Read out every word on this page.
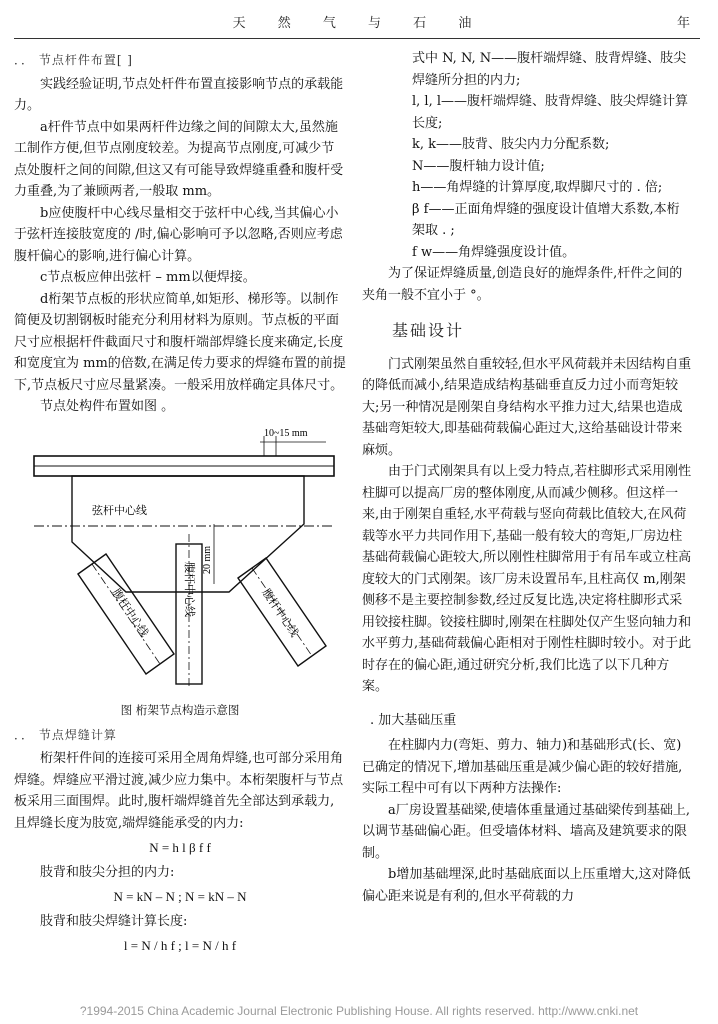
天 然 气 与 石 油	年

．． 节点杆件布置[ ]

实践经验证明,节点处杆件布置直接影响节点的承载能力。

a杆件节点中如果两杆件边缘之间的间隙太大,虽然施工制作方便,但节点刚度较差。为提高节点刚度,可减少节点处腹杆之间的间隙,但这又有可能导致焊缝重叠和腹杆受力重叠,为了兼顾两者,一般取 mm。

b应使腹杆中心线尽量相交于弦杆中心线,当其偏心小于弦杆连接肢宽度的 /时,偏心影响可予以忽略,否则应考虑腹杆偏心的影响,进行偏心计算。

c节点板应伸出弦杆 – mm以便焊接。

d桁架节点板的形状应简单,如矩形、梯形等。以制作简便及切割钢板时能充分利用材料为原则。节点板的平面尺寸应根据杆件截面尺寸和腹杆端部焊缝长度来确定,长度和宽度宜为 mm的倍数,在满足传力要求的焊缝布置的前提下,节点板尺寸应尽量紧凑。一般采用放样确定具体尺寸。

节点处构件布置如图 。

弦杆中心线
10~15 mm
20 mm
腹杆中心线	腹杆中心线	腹杆中心线
图 桁架节点构造示意图

．． 节点焊缝计算

桁架杆件间的连接可采用全周角焊缝,也可部分采用角焊缝。焊缝应平滑过渡,减少应力集中。本桁架腹杆与节点板采用三面围焊。此时,腹杆端焊缝首先全部达到承载力,且焊缝长度为肢宽,端焊缝能承受的内力:

N = h l β f f

肢背和肢尖分担的内力:

N = kN – N ; N = kN – N

肢背和肢尖焊缝计算长度:

l = N / h f ; l = N / h f

式中 N, N, N——腹杆端焊缝、肢背焊缝、肢尖焊缝所分担的内力;

l, l, l——腹杆端焊缝、肢背焊缝、肢尖焊缝计算长度;

k, k——肢背、肢尖内力分配系数;

N——腹杆轴力设计值;

h——角焊缝的计算厚度,取焊脚尺寸的 . 倍;

β f——正面角焊缝的强度设计值增大系数,本桁架取 . ;

f w——角焊缝强度设计值。

为了保证焊缝质量,创造良好的施焊条件,杆件之间的夹角一般不宜小于 °。

基础设计

门式刚架虽然自重较轻,但水平风荷载并未因结构自重的降低而减小,结果造成结构基础垂直反力过小而弯矩较大;另一种情况是刚架自身结构水平推力过大,结果也造成基础弯矩较大,即基础荷载偏心距过大,这给基础设计带来麻烦。

由于门式刚架具有以上受力特点,若柱脚形式采用刚性柱脚可以提高厂房的整体刚度,从而减少侧移。但这样一来,由于刚架自重轻,水平荷载与竖向荷载比值较大,在风荷载等水平力共同作用下,基础一般有较大的弯矩,厂房边柱基础荷载偏心距较大,所以刚性柱脚常用于有吊车或立柱高度较大的门式刚架。该厂房未设置吊车,且柱高仅 m,刚架侧移不是主要控制参数,经过反复比选,决定将柱脚形式采用铰接柱脚。铰接柱脚时,刚架在柱脚处仅产生竖向轴力和水平剪力,基础荷载偏心距相对于刚性柱脚时较小。对于此时存在的偏心距,通过研究分析,我们比选了以下几种方案。

. 加大基础压重

在柱脚内力(弯矩、剪力、轴力)和基础形式(长、宽)已确定的情况下,增加基础压重是减少偏心距的较好措施,实际工程中可有以下两种方法操作:

a厂房设置基础梁,使墙体重量通过基础梁传到基础上,以调节基础偏心距。但受墙体材料、墙高及建筑要求的限制。

b增加基础埋深,此时基础底面以上压重增大,这对降低偏心距来说是有利的,但水平荷载的力

?1994-2015 China Academic Journal Electronic Publishing House. All rights reserved. http://www.cnki.net
